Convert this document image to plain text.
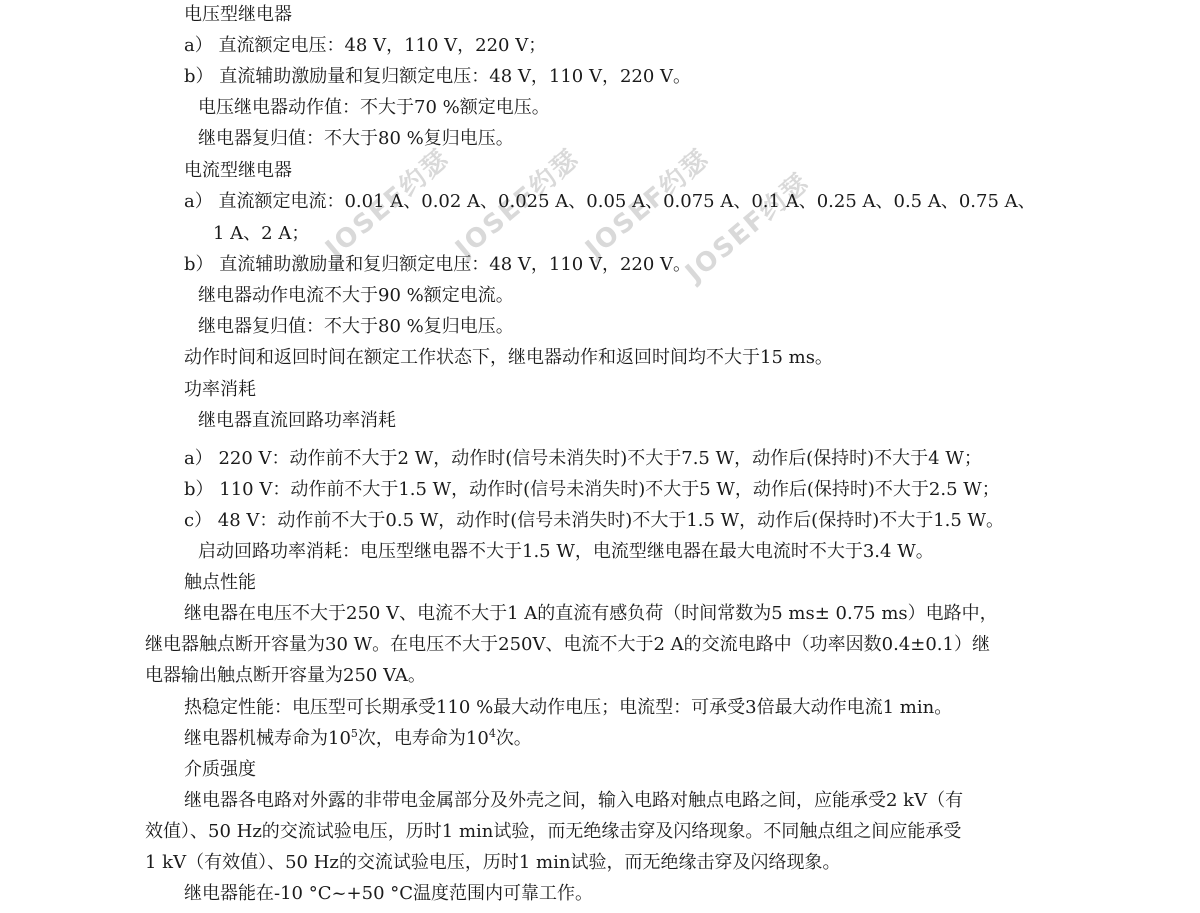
JOSEF约瑟
JOSEF约瑟
JOSEF约瑟
JOSEF约瑟
电压型继电器
a） 直流额定电压：48 V，110 V，220 V；
b） 直流辅助激励量和复归额定电压：48 V，110 V，220 V。
电压继电器动作值：不大于70 %额定电压。
继电器复归值：不大于80 %复归电压。
电流型继电器
a） 直流额定电流：0.01 A、0.02 A、0.025 A、0.05 A、0.075 A、0.1 A、0.25 A、0.5 A、0.75 A、
1 A、2 A；
b） 直流辅助激励量和复归额定电压：48 V，110 V，220 V。
继电器动作电流不大于90 %额定电流。
继电器复归值：不大于80 %复归电压。
动作时间和返回时间在额定工作状态下，继电器动作和返回时间均不大于15 ms。
功率消耗
继电器直流回路功率消耗
a） 220 V：动作前不大于2 W，动作时(信号未消失时)不大于7.5 W，动作后(保持时)不大于4 W；
b） 110 V：动作前不大于1.5 W，动作时(信号未消失时)不大于5 W，动作后(保持时)不大于2.5 W；
c） 48 V：动作前不大于0.5 W，动作时(信号未消失时)不大于1.5 W，动作后(保持时)不大于1.5 W。
启动回路功率消耗：电压型继电器不大于1.5 W，电流型继电器在最大电流时不大于3.4 W。
触点性能
继电器在电压不大于250 V、电流不大于1 A的直流有感负荷（时间常数为5 ms± 0.75 ms）电路中，
继电器触点断开容量为30 W。在电压不大于250V、电流不大于2 A的交流电路中（功率因数0.4±0.1）继
电器输出触点断开容量为250 VA。
热稳定性能：电压型可长期承受110 %最大动作电压；电流型：可承受3倍最大动作电流1 min。
继电器机械寿命为$10^5$次，电寿命为$10^4$次。
介质强度
继电器各电路对外露的非带电金属部分及外壳之间，输入电路对触点电路之间，应能承受2 kV（有
效值）、50 Hz的交流试验电压，历时1 min试验，而无绝缘击穿及闪络现象。不同触点组之间应能承受
1 kV（有效值）、50 Hz的交流试验电压，历时1 min试验，而无绝缘击穿及闪络现象。
继电器能在-10 °C~+50 °C温度范围内可靠工作。
